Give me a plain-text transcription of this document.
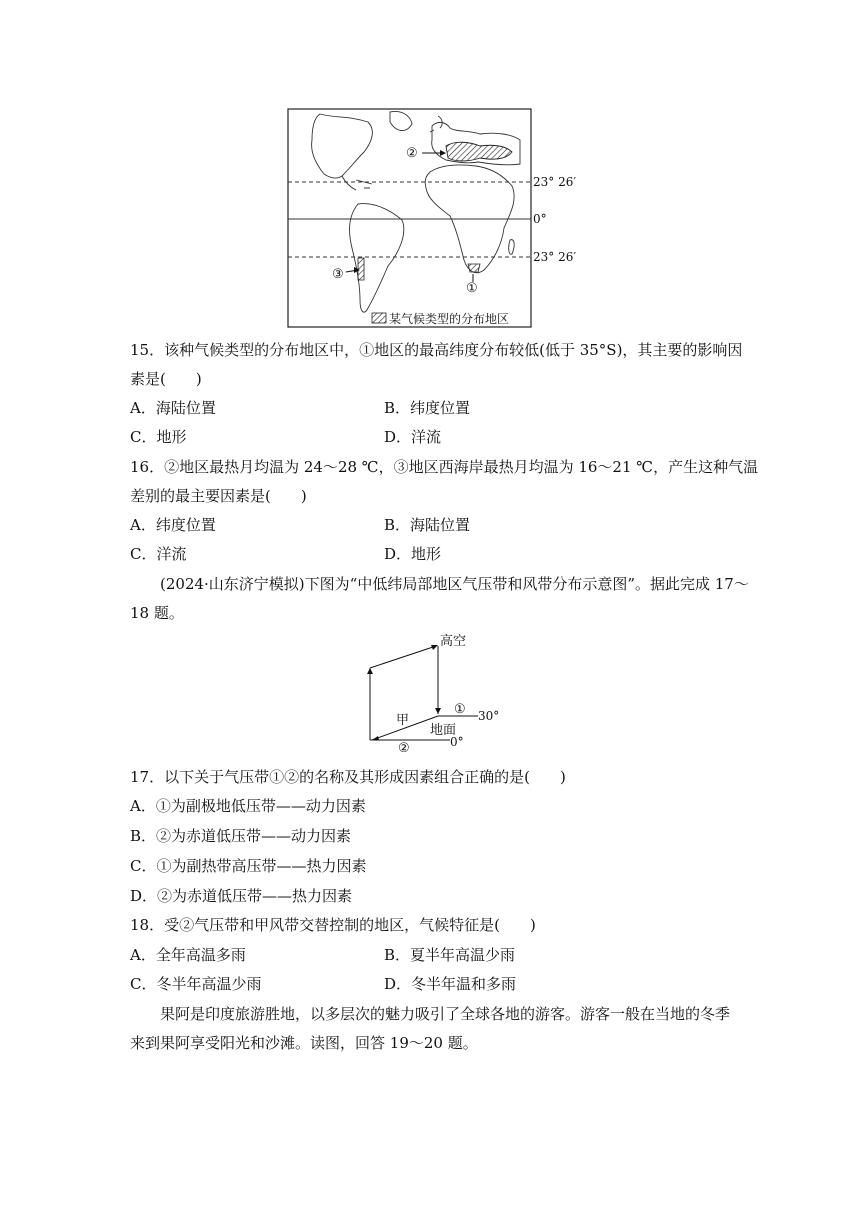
23° 26′
0°
23° 26′
②
③
①
某气候类型的分布地区
15．该种气候类型的分布地区中，①地区的最高纬度分布较低(低于 35°S)，其主要的影响因
素是(　　)
A．海陆位置	B．纬度位置
C．地形	D．洋流
16．②地区最热月均温为 24～28 ℃，③地区西海岸最热月均温为 16～21 ℃，产生这种气温
差别的最主要因素是(　　)
A．纬度位置	B．海陆位置
C．洋流	D．地形
(2024·山东济宁模拟)下图为“中低纬局部地区气压带和风带分布示意图”。据此完成 17～
18 题。
高空
① 30°
甲
地面
②	0°
17．以下关于气压带①②的名称及其形成因素组合正确的是(　　)
A．①为副极地低压带——动力因素
B．②为赤道低压带——动力因素
C．①为副热带高压带——热力因素
D．②为赤道低压带——热力因素
18．受②气压带和甲风带交替控制的地区，气候特征是(　　)
A．全年高温多雨	B．夏半年高温少雨
C．冬半年高温少雨	D．冬半年温和多雨
果阿是印度旅游胜地，以多层次的魅力吸引了全球各地的游客。游客一般在当地的冬季
来到果阿享受阳光和沙滩。读图，回答 19～20 题。
